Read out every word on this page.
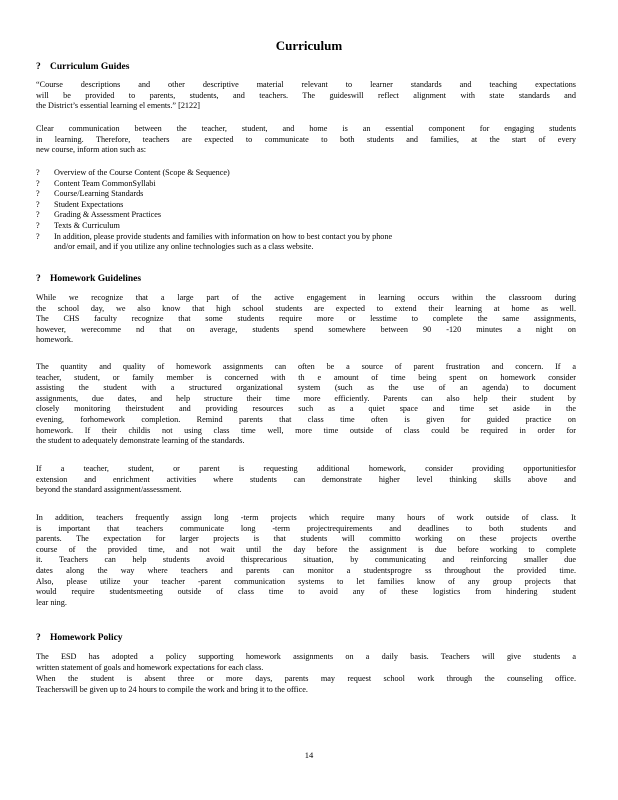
Curriculum
? Curriculum Guides
“Course descriptions and other descriptive material relevant to learner standards and teaching expectations
will be provided to parents, students, and teachers. The guideswill reflect alignment with state standards and
the District’s essential learning el ements.” [2122]
Clear communication between the teacher, student, and home is an essential component for engaging students
in learning. Therefore, teachers are expected to communicate to both students and families, at the start of every
new course, inform ation such as:
? Overview of the Course Content (Scope & Sequence)
? Content Team CommonSyllabi
? Course/Learning Standards
? Student Expectations
? Grading & Assessment Practices
? Texts & Curriculum
? In addition, please provide students and families with information on how to best contact you by phone
and/or email, and if you utilize any online technologies such as a class website.
? Homework Guidelines
While we recognize that a large part of the active engagement in learning occurs within the classroom during
the school day, we also know that high school students are expected to extend their learning at home as well.
The CHS faculty recognize that some students require more or lesstime to complete the same assignments,
however, werecomme nd that on average, students spend somewhere between 90 -120 minutes a night on
homework.
The quantity and quality of homework assignments can often be a source of parent frustration and concern. If a
teacher, student, or family member is concerned with th e amount of time being spent on homework consider
assisting the student with a structured organizational system (such as the use of an agenda) to document
assignments, due dates, and help structure their time more efficiently. Parents can also help their student by
closely monitoring theirstudent and providing resources such as a quiet space and time set aside in the
evening, forhomework completion. Remind parents that class time often is given for guided practice on
homework. If their childis not using class time well, more time outside of class could be required in order for
the student to adequately demonstrate learning of the standards.
If a teacher, student, or parent is requesting additional homework, consider providing opportunitiesfor
extension and enrichment activities where students can demonstrate higher level thinking skills above and
beyond the standard assignment/assessment.
In addition, teachers frequently assign long -term projects which require many hours of work outside of class. It
is important that teachers communicate long -term projectrequirements and deadlines to both students and
parents. The expectation for larger projects is that students will committo working on these projects overthe
course of the provided time, and not wait until the day before the assignment is due before working to complete
it. Teachers can help students avoid thisprecarious situation, by communicating and reinforcing smaller due
dates along the way where teachers and parents can monitor a studentsprogre ss throughout the provided time.
Also, please utilize your teacher -parent communication systems to let families know of any group projects that
would require studentsmeeting outside of class time to avoid any of these logistics from hindering student
lear ning.
? Homework Policy
The ESD has adopted a policy supporting homework assignments on a daily basis. Teachers will give students a
written statement of goals and homework expectations for each class.
When the student is absent three or more days, parents may request school work through the counseling office.
Teacherswill be given up to 24 hours to compile the work and bring it to the office.
14
